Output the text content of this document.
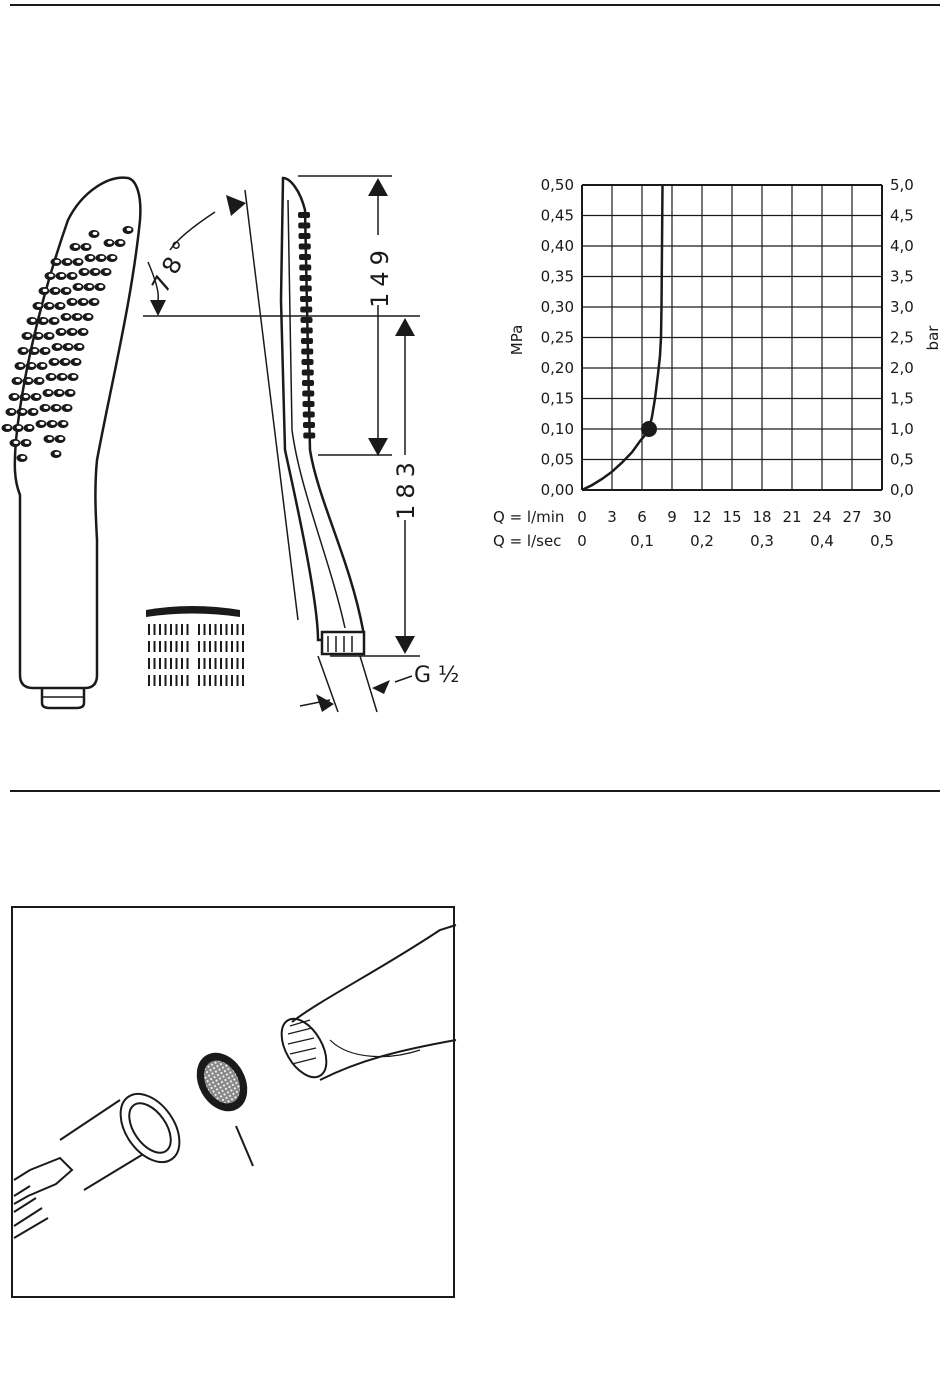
78°	149
183
G ½
0,00
0,05
0,10
0,15
0,20
0,25
0,30
0,35
0,40
0,45
0,50
0,0
0,5
1,0
1,5
2,0
2,5
3,0
3,5
4,0
4,5
5,0
0 3 6 9 12 15 18 21 24 27 30
0	0,1 0,2 0,3 0,4 0,5
MPa	bar
Q = l/min
Q = l/sec
